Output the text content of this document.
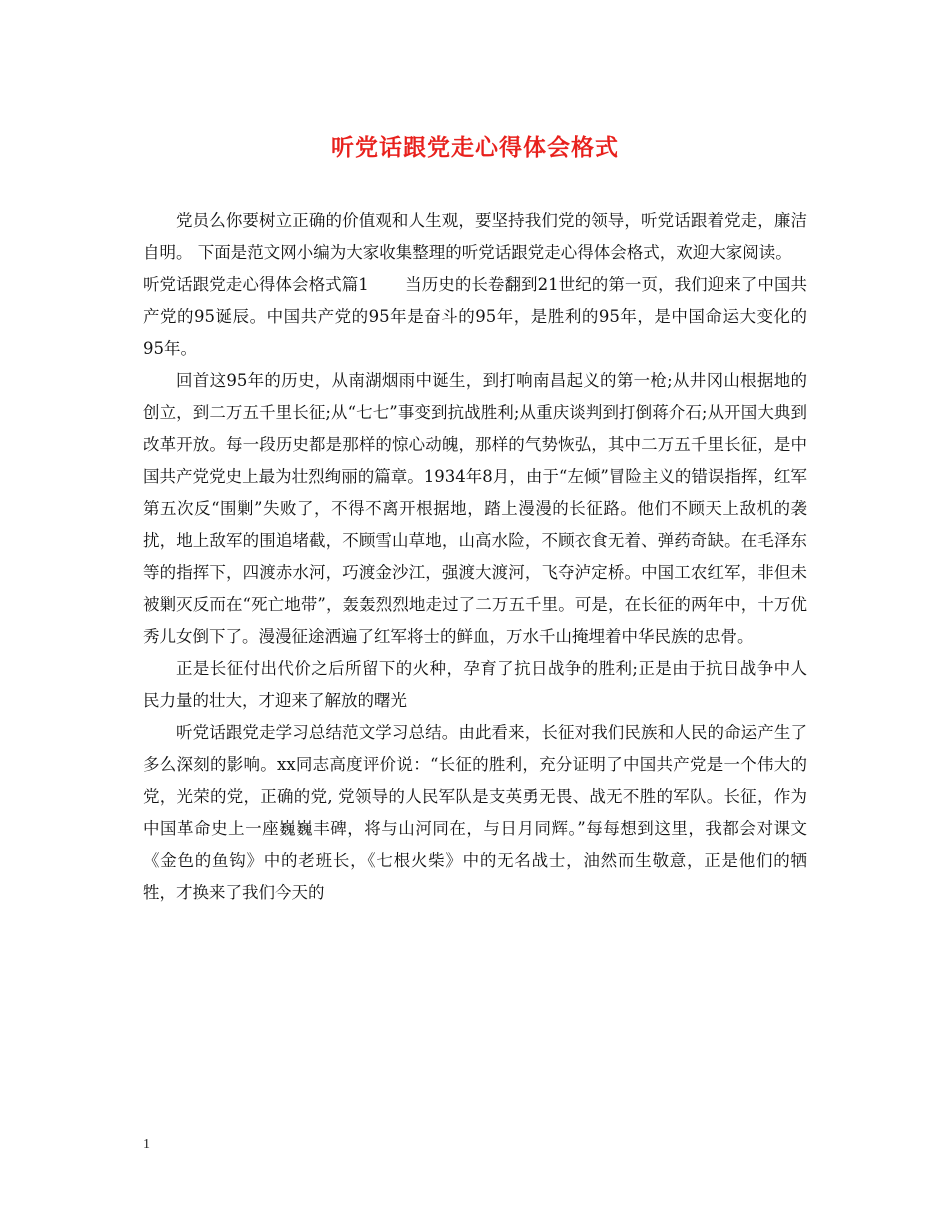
听党话跟党走心得体会格式

党员么你要树立正确的价值观和人生观，要坚持我们党的领导，听党话跟着党走，廉洁自明。 下面是范文网小编为大家收集整理的听党话跟党走心得体会格式，欢迎大家阅读。

听党话跟党走心得体会格式篇1 当历史的长卷翻到21世纪的第一页，我们迎来了中国共产党的95诞辰。中国共产党的95年是奋斗的95年，是胜利的95年，是中国命运大变化的95年。

回首这95年的历史，从南湖烟雨中诞生，到打响南昌起义的第一枪;从井冈山根据地的创立，到二万五千里长征;从“七七”事变到抗战胜利;从重庆谈判到打倒蒋介石;从开国大典到改革开放。每一段历史都是那样的惊心动魄，那样的气势恢弘，其中二万五千里长征，是中国共产党党史上最为壮烈绚丽的篇章。1934年8月，由于“左倾”冒险主义的错误指挥，红军第五次反“围剿”失败了，不得不离开根据地，踏上漫漫的长征路。他们不顾天上敌机的袭扰，地上敌军的围追堵截，不顾雪山草地，山高水险，不顾衣食无着、弹药奇缺。在毛泽东等的指挥下，四渡赤水河，巧渡金沙江，强渡大渡河，飞夺泸定桥。中国工农红军，非但未被剿灭反而在“死亡地带”，轰轰烈烈地走过了二万五千里。可是，在长征的两年中，十万优秀儿女倒下了。漫漫征途洒遍了红军将士的鲜血，万水千山掩埋着中华民族的忠骨。

正是长征付出代价之后所留下的火种，孕育了抗日战争的胜利;正是由于抗日战争中人民力量的壮大，才迎来了解放的曙光

听党话跟党走学习总结范文学习总结。由此看来，长征对我们民族和人民的命运产生了多么深刻的影响。xx同志高度评价说：“长征的胜利，充分证明了中国共产党是一个伟大的党，光荣的党，正确的党, 党领导的人民军队是支英勇无畏、战无不胜的军队。长征，作为中国革命史上一座巍巍丰碑，将与山河同在，与日月同辉。”每每想到这里，我都会对课文《金色的鱼钩》中的老班长，《七根火柴》中的无名战士，油然而生敬意，正是他们的牺牲，才换来了我们今天的

1
